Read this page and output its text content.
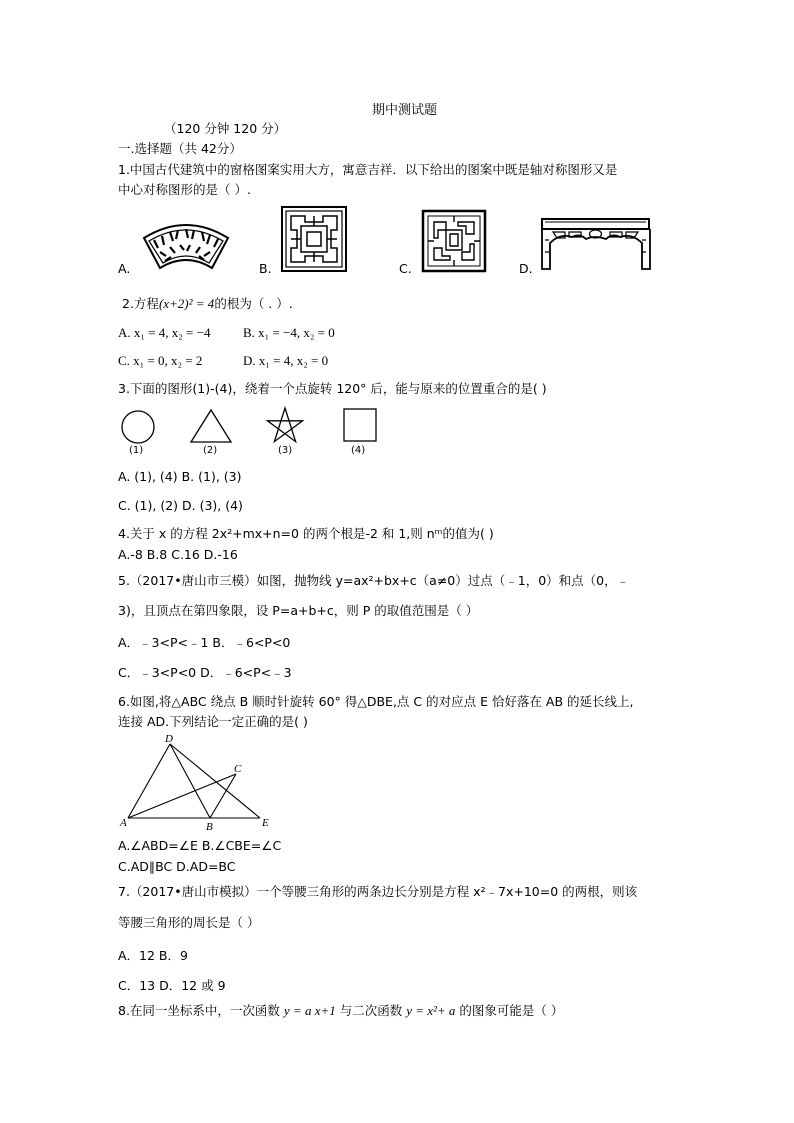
期中测试题
（120 分钟 120 分）
一.选择题（共 42分）
1.中国古代建筑中的窗格图案实用大方，寓意吉祥．以下给出的图案中既是轴对称图形又是
中心对称图形的是（ ）.
A.	B.	C.	D.
2.方程(x+2)² = 4的根为（ . ）.
A. x₁ = 4, x₂ = −4	B. x₁ = −4, x₂ = 0
C. x₁ = 0, x₂ = 2	D. x₁ = 4, x₂ = 0
3.下面的图形(1)-(4)，绕着一个点旋转 120° 后，能与原来的位置重合的是( )
(1)	(2)	(3)	(4)
A. (1), (4) B. (1), (3)
C. (1), (2) D. (3), (4)
4.关于 x 的方程 2x²+mx+n=0 的两个根是-2 和 1,则 nᵐ的值为( )
A.-8 B.8 C.16 D.-16
5.（2017•唐山市三模）如图，抛物线 y=ax²+bx+c（a≠0）过点（﹣1，0）和点（0，﹣
3)，且顶点在第四象限，设 P=a+b+c，则 P 的取值范围是（ ）
A．﹣3<P<﹣1 B．﹣6<P<0
C．﹣3<P<0 D．﹣6<P<﹣3
6.如图,将△ABC 绕点 B 顺时针旋转 60° 得△DBE,点 C 的对应点 E 恰好落在 AB 的延长线上,
连接 AD.下列结论一定正确的是( )
D
C
A	B	E
A.∠ABD=∠E B.∠CBE=∠C
C.AD∥BC D.AD=BC
7.（2017•唐山市模拟）一个等腰三角形的两条边长分别是方程 x²﹣7x+10=0 的两根，则该
等腰三角形的周长是（ ）
A．12 B．9
C．13 D．12 或 9
8.在同一坐标系中，一次函数 y = a x+1 与二次函数 y = x²+ a 的图象可能是（ ）
